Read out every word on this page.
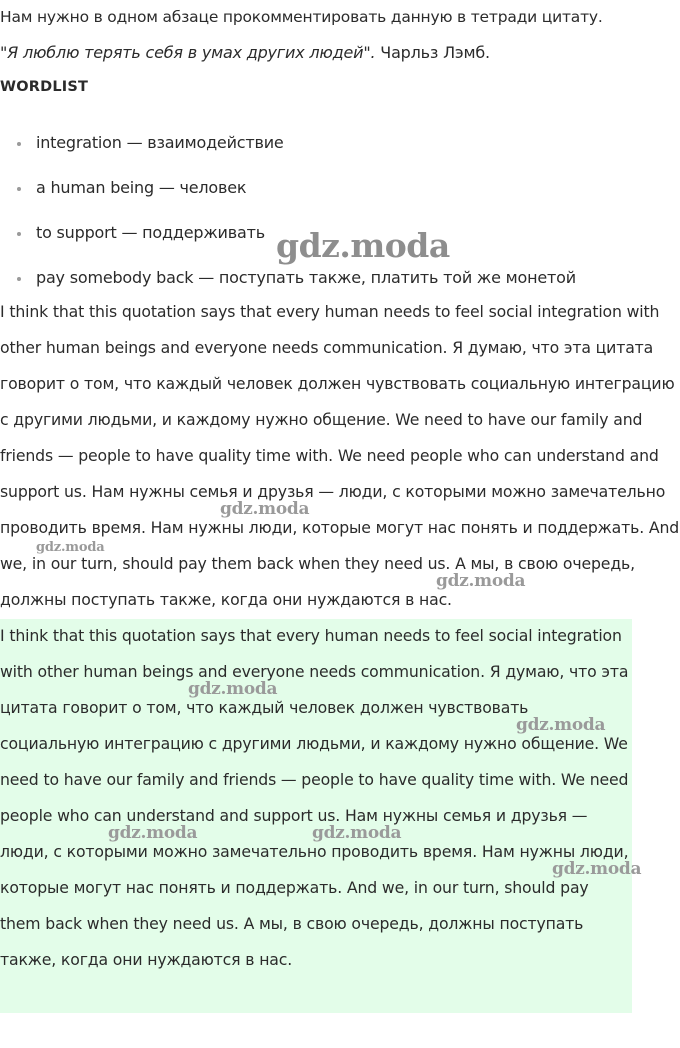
Нам нужно в одном абзаце прокомментировать данную в тетради цитату.

"Я люблю терять себя в умах других людей". Чарльз Лэмб.

WORDLIST
integration — взаимодействие
a human being — человек
to support — поддерживать
pay somebody back — поступать также, платить той же монетой

I think that this quotation says that every human needs to feel social integration with other human beings and everyone needs communication. Я думаю, что эта цитата говорит о том, что каждый человек должен чувствовать социальную интеграцию с другими людьми, и каждому нужно общение. We need to have our family and friends — people to have quality time with. We need people who can understand and support us. Нам нужны семья и друзья — люди, с которыми можно замечательно проводить время. Нам нужны люди, которые могут нас понять и поддержать. And we, in our turn, should pay them back when they need us. А мы, в свою очередь, должны поступать также, когда они нуждаются в нас.

I think that this quotation says that every human needs to feel social integration with other human beings and everyone needs communication. Я думаю, что эта цитата говорит о том, что каждый человек должен чувствовать социальную интеграцию с другими людьми, и каждому нужно общение. We need to have our family and friends — people to have quality time with. We need people who can understand and support us. Нам нужны семья и друзья — люди, с которыми можно замечательно проводить время. Нам нужны люди, которые могут нас понять и поддержать. And we, in our turn, should pay them back when they need us. А мы, в свою очередь, должны поступать также, когда они нуждаются в нас.

gdz.moda
gdz.moda
gdz.moda
gdz.moda
gdz.moda
gdz.moda
gdz.moda	gdz.moda
gdz.moda
